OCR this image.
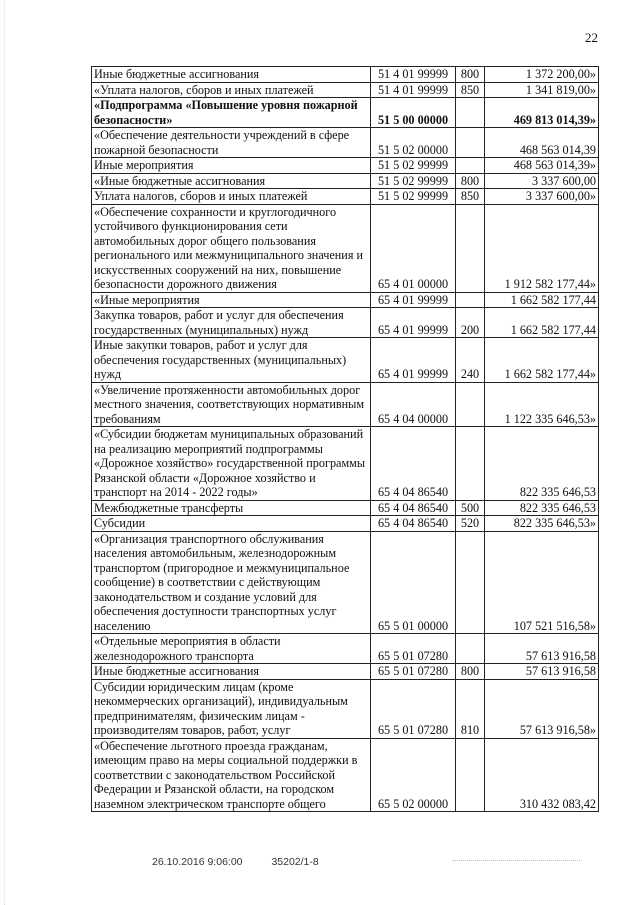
22
Иные бюджетные ассигнования	51 4 01 99999	800	1 372 200,00»
«Уплата налогов, сборов и иных платежей	51 4 01 99999	850	1 341 819,00»
«Подпрограмма «Повышение уровня пожарной безопасности»	51 5 00 00000		469 813 014,39»
«Обеспечение деятельности учреждений в сфере пожарной безопасности	51 5 02 00000		468 563 014,39
Иные мероприятия	51 5 02 99999		468 563 014,39»
«Иные бюджетные ассигнования	51 5 02 99999	800	3 337 600,00
Уплата налогов, сборов и иных платежей	51 5 02 99999	850	3 337 600,00»
«Обеспечение сохранности и круглогодичного устойчивого функционирования сети автомобильных дорог общего пользования регионального или межмуниципального значения и искусственных сооружений на них, повышение безопасности дорожного движения	65 4 01 00000		1 912 582 177,44»
«Иные мероприятия	65 4 01 99999		1 662 582 177,44
Закупка товаров, работ и услуг для обеспечения государственных (муниципальных) нужд	65 4 01 99999	200	1 662 582 177,44
Иные закупки товаров, работ и услуг для обеспечения государственных (муниципальных) нужд	65 4 01 99999	240	1 662 582 177,44»
«Увеличение протяженности автомобильных дорог местного значения, соответствующих нормативным требованиям	65 4 04 00000		1 122 335 646,53»
«Субсидии бюджетам муниципальных образований на реализацию мероприятий подпрограммы «Дорожное хозяйство» государственной программы Рязанской области «Дорожное хозяйство и транспорт на 2014 - 2022 годы»	65 4 04 86540		822 335 646,53
Межбюджетные трансферты	65 4 04 86540	500	822 335 646,53
Субсидии	65 4 04 86540	520	822 335 646,53»
«Организация транспортного обслуживания населения автомобильным, железнодорожным транспортом (пригородное и межмуниципальное сообщение) в соответствии с действующим законодательством и создание условий для обеспечения доступности транспортных услуг населению	65 5 01 00000		107 521 516,58»
«Отдельные мероприятия в области железнодорожного транспорта	65 5 01 07280		57 613 916,58
Иные бюджетные ассигнования	65 5 01 07280	800	57 613 916,58
Субсидии юридическим лицам (кроме некоммерческих организаций), индивидуальным предпринимателям, физическим лицам - производителям товаров, работ, услуг	65 5 01 07280	810	57 613 916,58»
«Обеспечение льготного проезда гражданам, имеющим право на меры социальной поддержки в соответствии с законодательством Российской Федерации и Рязанской области, на городском наземном электрическом транспорте общего	65 5 02 00000		310 432 083,42
26.10.2016 9:06:00	35202/1-8
